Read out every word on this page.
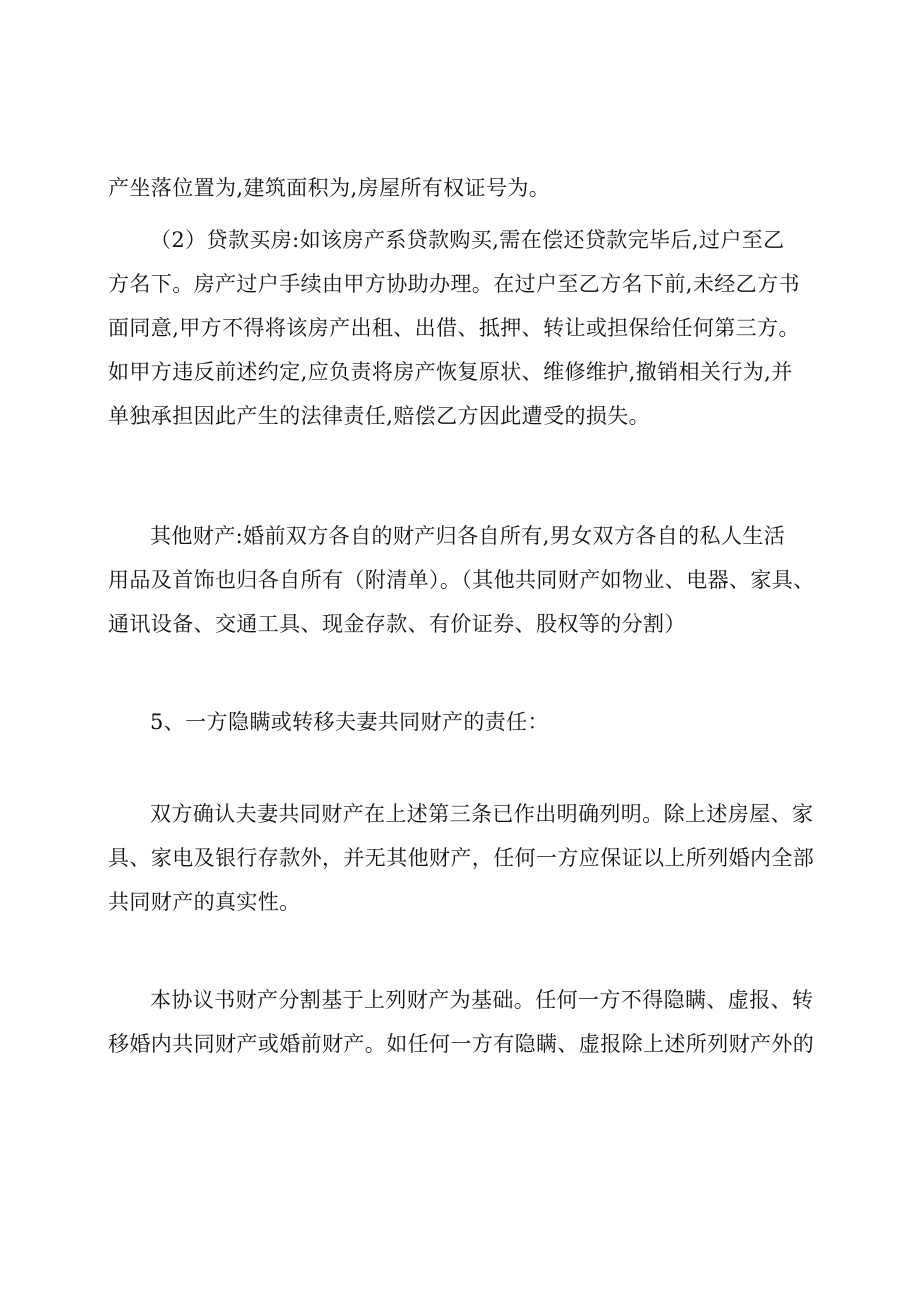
产坐落位置为,建筑面积为,房屋所有权证号为。
（2）贷款买房:如该房产系贷款购买,需在偿还贷款完毕后,过户至乙
方名下。房产过户手续由甲方协助办理。在过户至乙方名下前,未经乙方书
面同意,甲方不得将该房产出租、出借、抵押、转让或担保给任何第三方。
如甲方违反前述约定,应负责将房产恢复原状、维修维护,撤销相关行为,并
单独承担因此产生的法律责任,赔偿乙方因此遭受的损失。
其他财产:婚前双方各自的财产归各自所有,男女双方各自的私人生活
用品及首饰也归各自所有（附清单）。（其他共同财产如物业、电器、家具、
通讯设备、交通工具、现金存款、有价证券、股权等的分割）
5、一方隐瞒或转移夫妻共同财产的责任：
双方确认夫妻共同财产在上述第三条已作出明确列明。除上述房屋、家
具、家电及银行存款外，并无其他财产，任何一方应保证以上所列婚内全部
共同财产的真实性。
本协议书财产分割基于上列财产为基础。任何一方不得隐瞒、虚报、转
移婚内共同财产或婚前财产。如任何一方有隐瞒、虚报除上述所列财产外的
